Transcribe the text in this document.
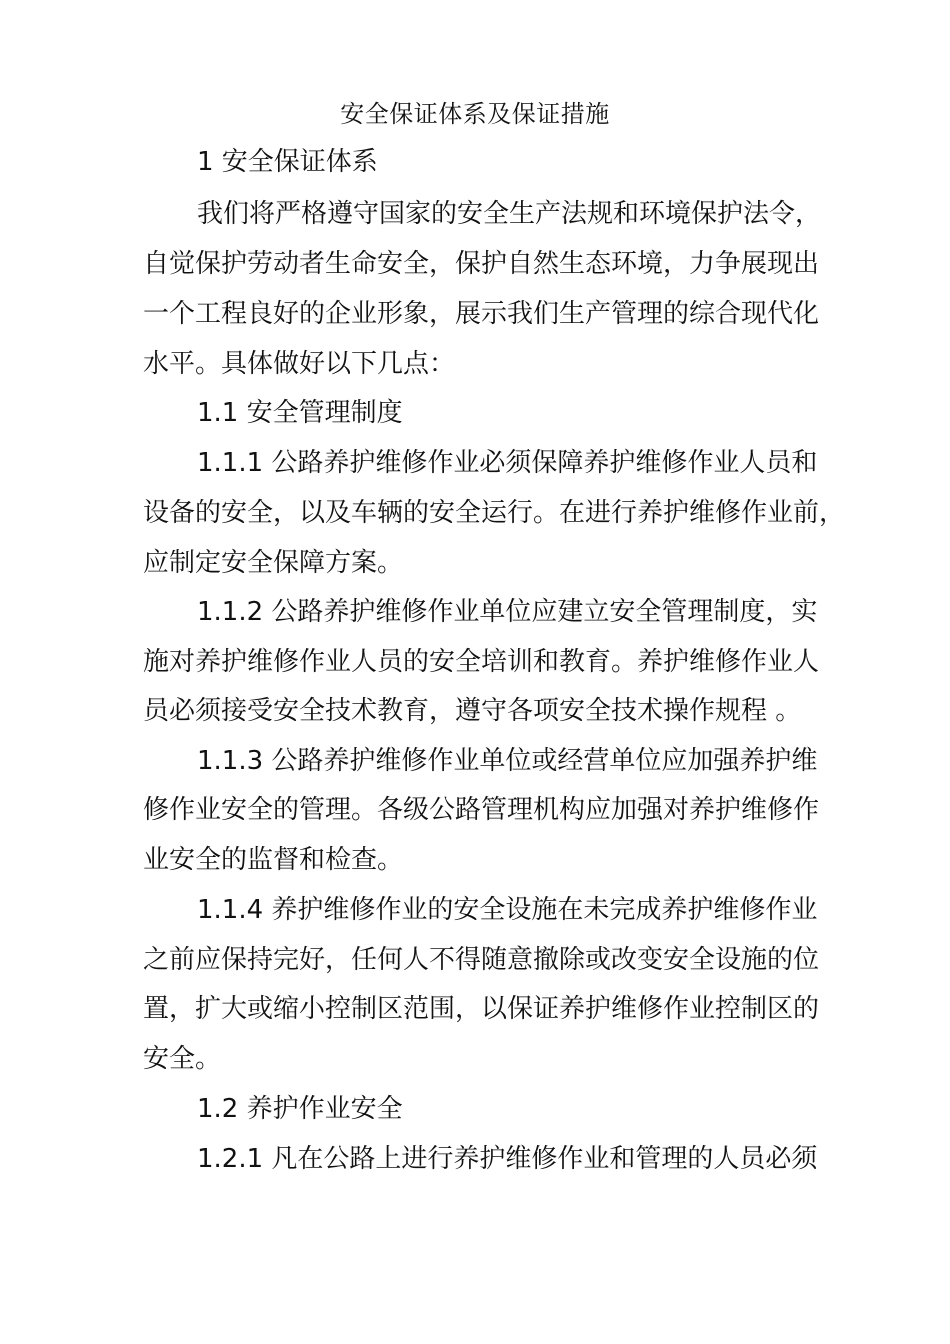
安全保证体系及保证措施
1 安全保证体系
我们将严格遵守国家的安全生产法规和环境保护法令，
自觉保护劳动者生命安全，保护自然生态环境，力争展现出
一个工程良好的企业形象，展示我们生产管理的综合现代化
水平。具体做好以下几点：
1.1 安全管理制度
1.1.1 公路养护维修作业必须保障养护维修作业人员和
设备的安全，以及车辆的安全运行。在进行养护维修作业前，
应制定安全保障方案。
1.1.2 公路养护维修作业单位应建立安全管理制度，实
施对养护维修作业人员的安全培训和教育。养护维修作业人
员必须接受安全技术教育，遵守各项安全技术操作规程 。
1.1.3 公路养护维修作业单位或经营单位应加强养护维
修作业安全的管理。各级公路管理机构应加强对养护维修作
业安全的监督和检查。
1.1.4 养护维修作业的安全设施在未完成养护维修作业
之前应保持完好，任何人不得随意撤除或改变安全设施的位
置，扩大或缩小控制区范围，以保证养护维修作业控制区的
安全。
1.2 养护作业安全
1.2.1 凡在公路上进行养护维修作业和管理的人员必须
